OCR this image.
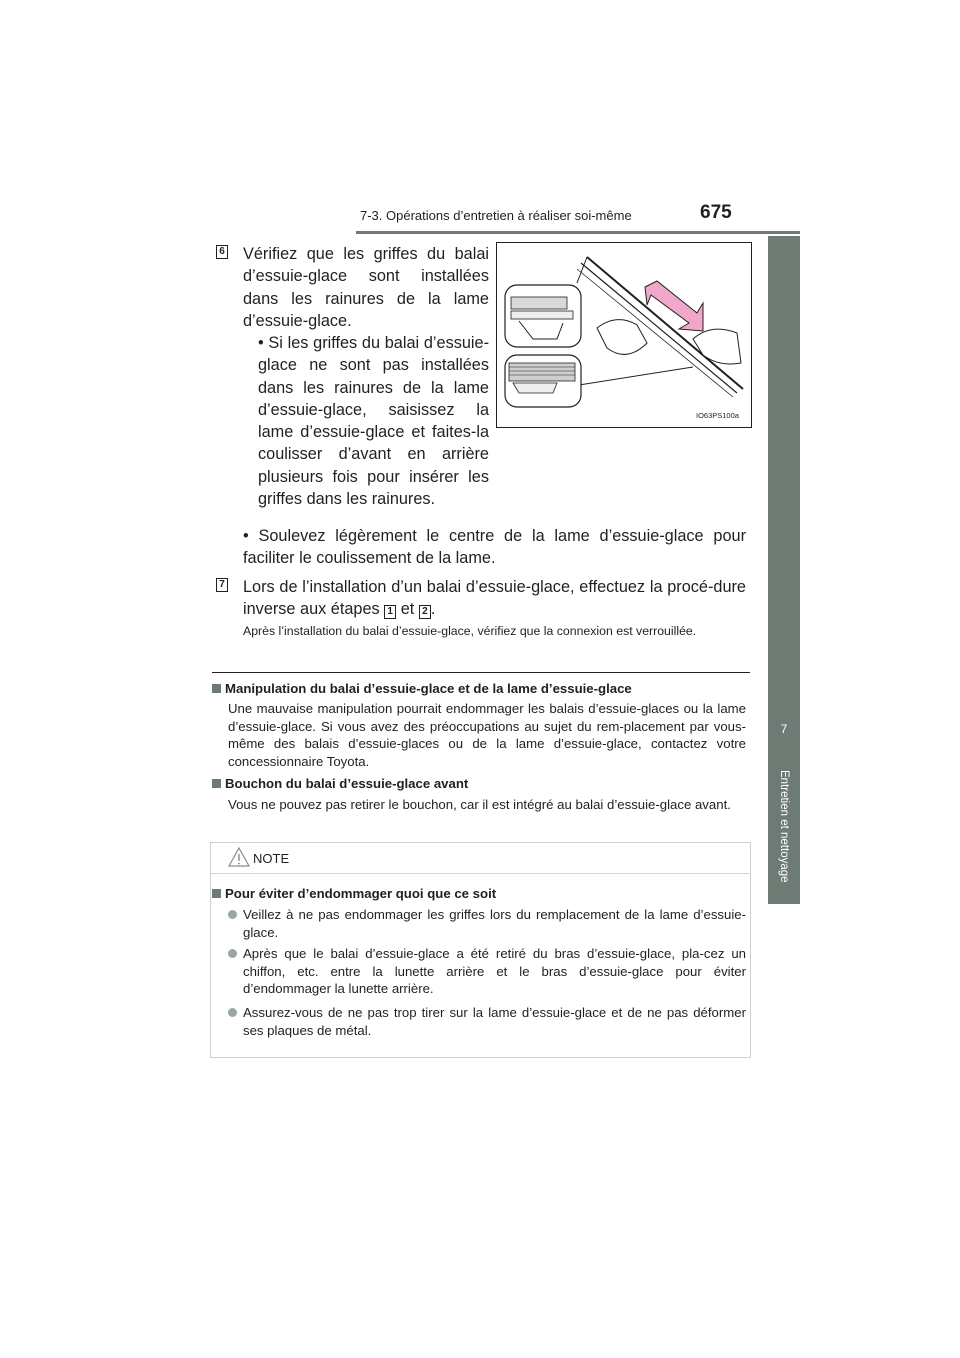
7-3. Opérations d’entretien à réaliser soi-même	675
7
Entretien et nettoyage
6 Vérifiez que les griffes du balai d’essuie-glace sont installées dans les rainures de la lame d’essuie-glace.
• Si les griffes du balai d’essuie-glace ne sont pas installées dans les rainures de la lame d’essuie-glace, saisissez la lame d’essuie-glace et faites-la coulisser d’avant en arrière plusieurs fois pour insérer les griffes dans les rainures.
• Soulevez légèrement le centre de la lame d’essuie-glace pour faciliter le coulissement de la lame.
IO63PS100a
7 Lors de l’installation d’un balai d’essuie-glace, effectuez la procé-dure inverse aux étapes 1 et 2 .
Après l’installation du balai d’essuie-glace, vérifiez que la connexion est verrouillée.
Manipulation du balai d’essuie-glace et de la lame d’essuie-glace
Une mauvaise manipulation pourrait endommager les balais d’essuie-glaces ou la lame d’essuie-glace. Si vous avez des préoccupations au sujet du rem-placement par vous-même des balais d’essuie-glaces ou de la lame d’essuie-glace, contactez votre concessionnaire Toyota.
Bouchon du balai d’essuie-glace avant
Vous ne pouvez pas retirer le bouchon, car il est intégré au balai d’essuie-glace avant.
NOTE
Pour éviter d’endommager quoi que ce soit
Veillez à ne pas endommager les griffes lors du remplacement de la lame d’essuie-glace.
Après que le balai d’essuie-glace a été retiré du bras d’essuie-glace, pla-cez un chiffon, etc. entre la lunette arrière et le bras d’essuie-glace pour éviter d’endommager la lunette arrière.
Assurez-vous de ne pas trop tirer sur la lame d’essuie-glace et de ne pas déformer ses plaques de métal.
